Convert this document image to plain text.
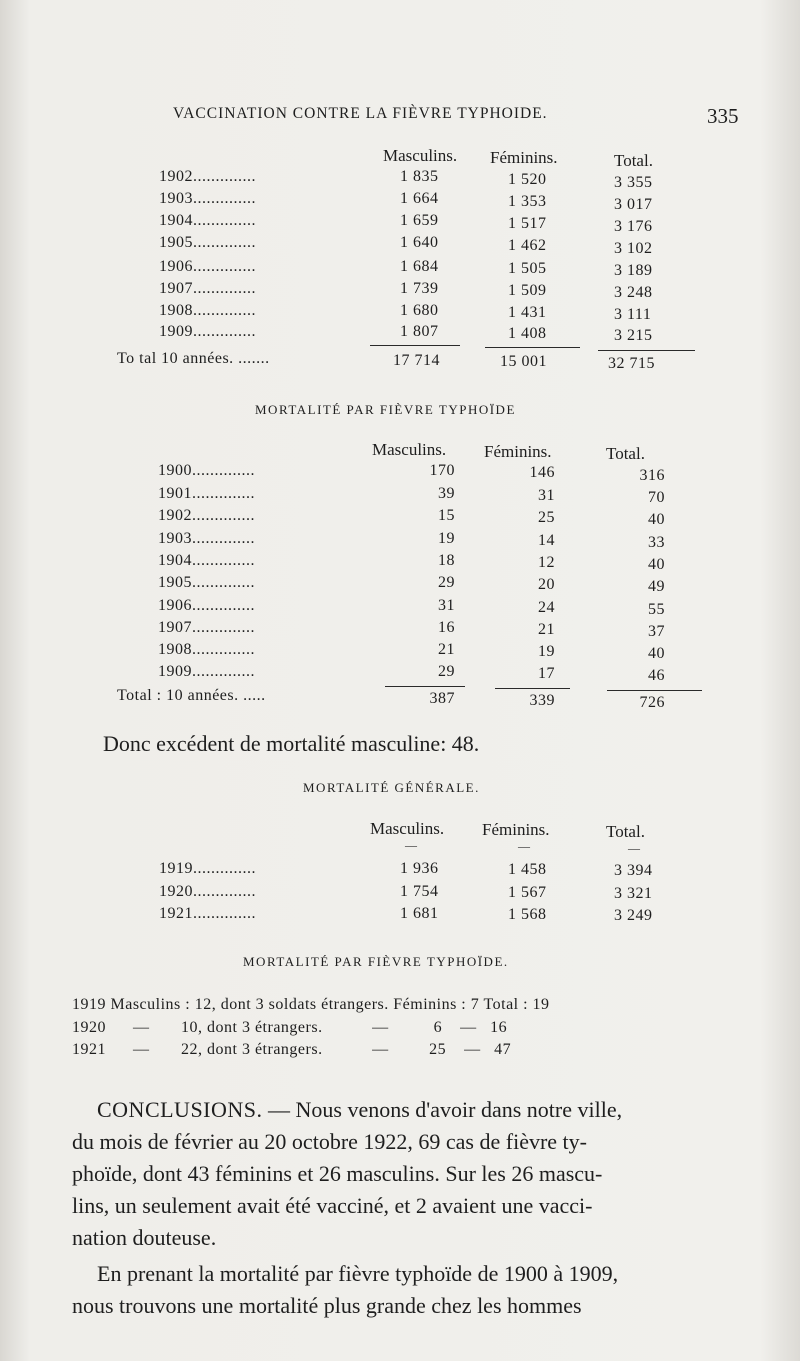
VACCINATION CONTRE LA FIÈVRE TYPHOIDE.	335
Masculins. Féminins.	Total.
1902..............	1 835	1 520	3 355
1903..............	1 664	1 353	3 017
1904..............	1 659	1 517	3 176
1905..............	1 640	1 462	3 102
1906..............	1 684	1 505	3 189
1907..............	1 739	1 509	3 248
1908..............	1 680	1 431	3 111
1909..............	1 807	1 408	3 215
To tal 10 années. .......	17 714	15 001	32 715
MORTALITÉ PAR FIÈVRE TYPHOÏDE
Masculins. Féminins.	Total.
1900..............	170	146	316
1901..............	39	31	70
1902..............	15	25	40
1903..............	19	14	33
1904..............	18	12	40
1905..............	29	20	49
1906..............	31	24	55
1907..............	16	21	37
1908..............	21	19	40
1909..............	29	17	46
Total : 10 années. .....	387	339	726
Donc excédent de mortalité masculine: 48.
MORTALITÉ GÉNÉRALE.
Masculins. Féminins.	Total.
—	—	—
1919..............	1 936	1 458	3 394
1920..............	1 754	1 567	3 321
1921..............	1 681	1 568	3 249
MORTALITÉ PAR FIÈVRE TYPHOÏDE.
1919 Masculins : 12, dont 3 soldats étrangers. Féminins : 7 Total : 19
1920      —       10, dont 3 étrangers.           —          6    —   16
1921      —       22, dont 3 étrangers.           —         25    —   47
CONCLUSIONS. — Nous venons d'avoir dans notre ville,
du mois de février au 20 octobre 1922, 69 cas de fièvre ty-
phoïde, dont 43 féminins et 26 masculins. Sur les 26 mascu-
lins, un seulement avait été vacciné, et 2 avaient une vacci-
nation douteuse.
En prenant la mortalité par fièvre typhoïde de 1900 à 1909,
nous trouvons une mortalité plus grande chez les hommes
